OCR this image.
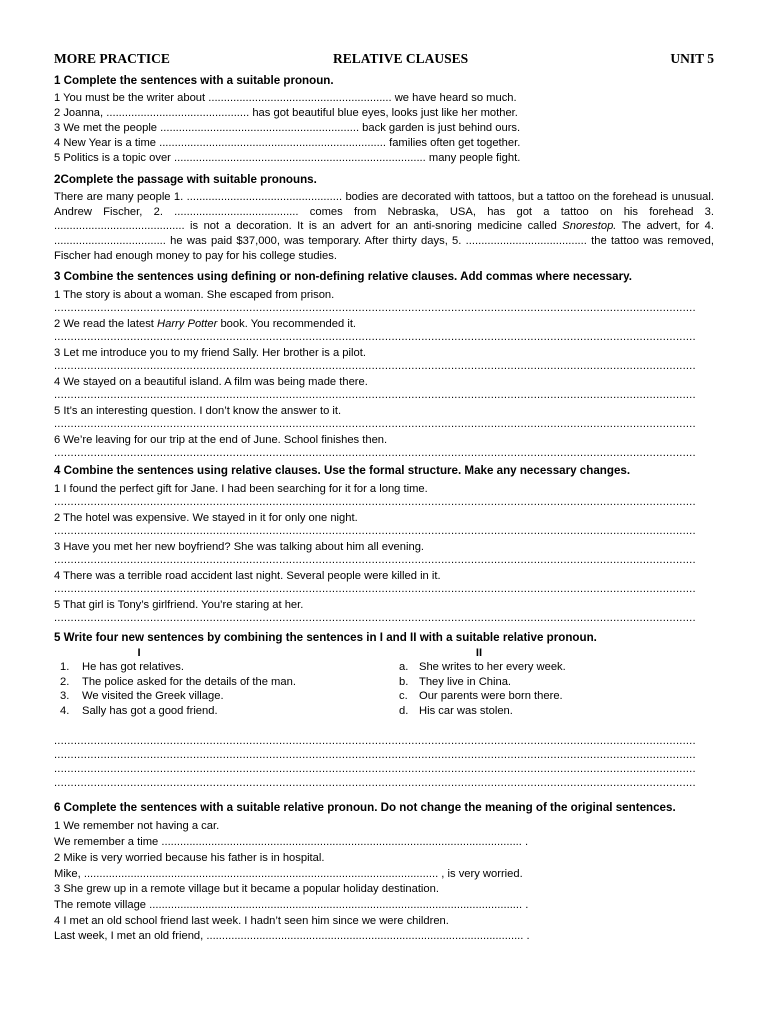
MORE PRACTICE	RELATIVE CLAUSES	UNIT 5
1 Complete the sentences with a suitable pronoun.
1 You must be the writer about ........................................................... we have heard so much.
2 Joanna, .............................................. has got beautiful blue eyes, looks just like her mother.
3 We met the people ................................................................ back garden is just behind ours.
4 New Year is a time ......................................................................... families often get together.
5 Politics is a topic over ................................................................................. many people fight.
2Complete the passage with suitable pronouns.
There are many people 1. .................................................. bodies are decorated with tattoos, but a tattoo on the forehead is unusual. Andrew Fischer, 2. ........................................ comes from Nebraska, USA, has got a tattoo on his forehead 3. .......................................... is not a decoration. It is an advert for an anti-snoring medicine called Snorestop. The advert, for 4. .................................... he was paid $37,000, was temporary. After thirty days, 5. ....................................... the tattoo was removed, Fischer had enough money to pay for his college studies.
3 Combine the sentences using defining or non-defining relative clauses. Add commas where necessary.
1 The story is about a woman. She escaped from prison.
..................................................................................................................................................................................................
2 We read the latest Harry Potter book. You recommended it.
..................................................................................................................................................................................................
3 Let me introduce you to my friend Sally. Her brother is a pilot.
..................................................................................................................................................................................................
4 We stayed on a beautiful island. A film was being made there.
..................................................................................................................................................................................................
5 It’s an interesting question. I don’t know the answer to it.
..................................................................................................................................................................................................
6 We’re leaving for our trip at the end of June. School finishes then.
..................................................................................................................................................................................................
4 Combine the sentences using relative clauses. Use the formal structure. Make any necessary changes.
1 I found the perfect gift for Jane. I had been searching for it for a long time.
..................................................................................................................................................................................................
2 The hotel was expensive. We stayed in it for only one night.
..................................................................................................................................................................................................
3 Have you met her new boyfriend? She was talking about him all evening.
..................................................................................................................................................................................................
4 There was a terrible road accident last night. Several people were killed in it.
..................................................................................................................................................................................................
5 That girl is Tony’s girlfriend. You’re staring at her.
..................................................................................................................................................................................................
5 Write four new sentences by combining the sentences in I and II with a suitable relative pronoun.
I
1.	He has got relatives.
2.	The police asked for the details of the man.
3.	We visited the Greek village.
4.	Sally has got a good friend.
II
a. She writes to her every week.
b. They live in China.
c.	Our parents were born there.
d. His car was stolen.
..................................................................................................................................................................................................
..................................................................................................................................................................................................
..................................................................................................................................................................................................
..................................................................................................................................................................................................
6 Complete the sentences with a suitable relative pronoun. Do not change the meaning of the original sentences.
1 We remember not having a car.
We remember a time .................................................................................................................... .
2 Mike is very worried because his father is in hospital.
Mike, .................................................................................................................. , is very worried.
3 She grew up in a remote village but it became a popular holiday destination.
The remote village ........................................................................................................................ .
4 I met an old school friend last week. I hadn’t seen him since we were children.
Last week, I met an old friend, ...................................................................................................... .
